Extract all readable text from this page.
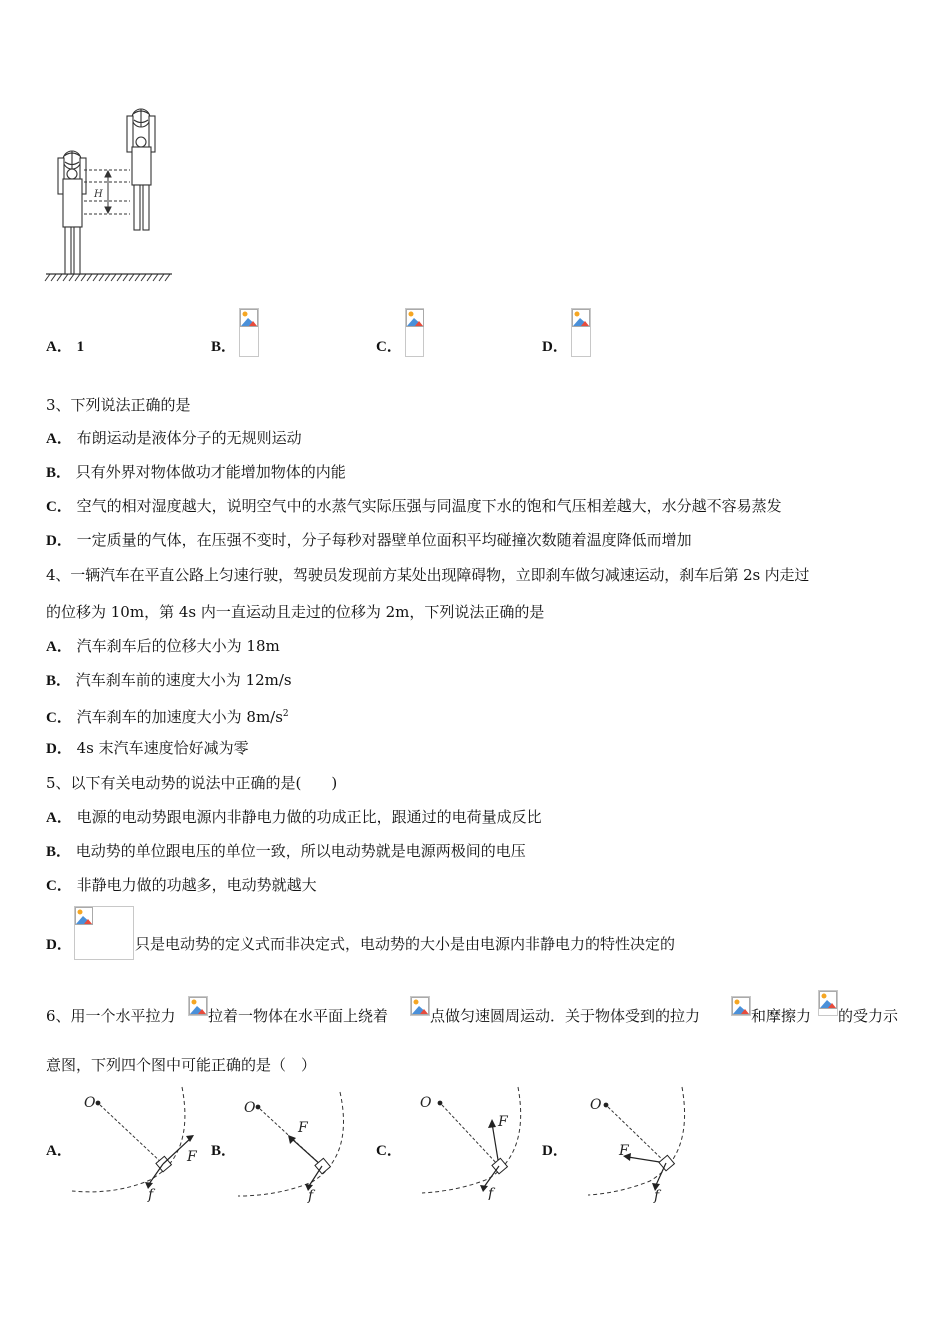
H
A． 1	B．	C．	D．
3、下列说法正确的是
A． 布朗运动是液体分子的无规则运动
B． 只有外界对物体做功才能增加物体的内能
C． 空气的相对湿度越大，说明空气中的水蒸气实际压强与同温度下水的饱和气压相差越大，水分越不容易蒸发
D． 一定质量的气体，在压强不变时，分子每秒对器壁单位面积平均碰撞次数随着温度降低而增加
4、一辆汽车在平直公路上匀速行驶，驾驶员发现前方某处出现障碍物，立即刹车做匀减速运动，刹车后第 2s 内走过
的位移为 10m，第 4s 内一直运动且走过的位移为 2m，下列说法正确的是
A． 汽车刹车后的位移大小为 18m
B． 汽车刹车前的速度大小为 12m/s
C． 汽车刹车的加速度大小为 $8m/s^2$
D． 4s 末汽车速度恰好减为零
5、以下有关电动势的说法中正确的是(　　)
A． 电源的电动势跟电源内非静电力做的功成正比，跟通过的电荷量成反比
B． 电动势的单位跟电压的单位一致，所以电动势就是电源两极间的电压
C． 非静电力做的功越多，电动势就越大
D．	只是电动势的定义式而非决定式，电动势的大小是由电源内非静电力的特性决定的
6、用一个水平拉力 拉着一物体在水平面上绕着	点做匀速圆周运动．关于物体受到的拉力	和摩擦力 的受力示
意图，下列四个图中可能正确的是（　）
A．
O
F
f
B．
O
F
f
C．
O
F
f
D．
O
F
f
